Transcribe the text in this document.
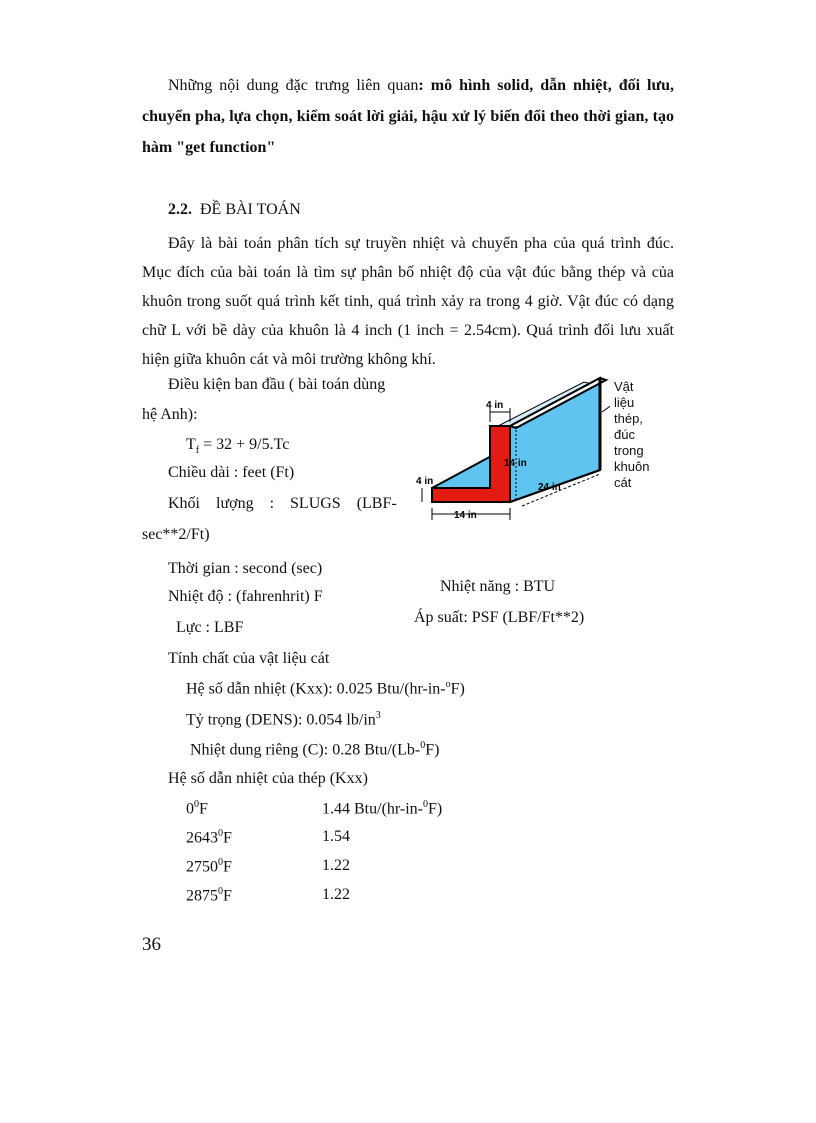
Những nội dung đặc trưng liên quan: mô hình solid, dẫn nhiệt, đối lưu, chuyển pha, lựa chọn, kiểm soát lời giải, hậu xử lý biến đổi theo thời gian, tạo hàm "get function"
2.2. ĐỀ BÀI TOÁN
Đây là bài toán phân tích sự truyền nhiệt và chuyển pha của quá trình đúc. Mục đích của bài toán là tìm sự phân bố nhiệt độ của vật đúc bằng thép và của khuôn trong suốt quá trình kết tinh, quá trình xảy ra trong 4 giờ. Vật đúc có dạng chữ L với bề dày của khuôn là 4 inch (1 inch = 2.54cm). Quá trình đối lưu xuất hiện giữa khuôn cát và môi trường không khí.
Điều kiện ban đầu ( bài toán dùng
hệ Anh):
$T_f = 32 + 9/5.Tc$
Chiều dài : feet (Ft)
Khối lượng : SLUGS (LBF-
sec**2/Ft)
Thời gian : second (sec)
Nhiệt độ : (fahrenhrit) F
Lực : LBF
Nhiệt năng : BTU
Áp suất: PSF (LBF/Ft**2)
4 in
14 in
4 in
24 in
14 in
Vật
liệu
thép,
đúc
trong
khuôn
cát
Tính chất của vật liệu cát
Hệ số dẫn nhiệt (Kxx): 0.025 Btu/(hr-in-$^o$F)
Tỷ trọng (DENS): 0.054 $lb/in^3$
Nhiệt dung riêng (C): 0.28 Btu/(Lb-$^0$F)
Hệ số dẫn nhiệt của thép (Kxx)
$0^0F$	1.44 Btu/(hr-in-$^0$F)
2643$^0$F	1.54
2750$^0$F	1.22
2875$^0$F	1.22
36
